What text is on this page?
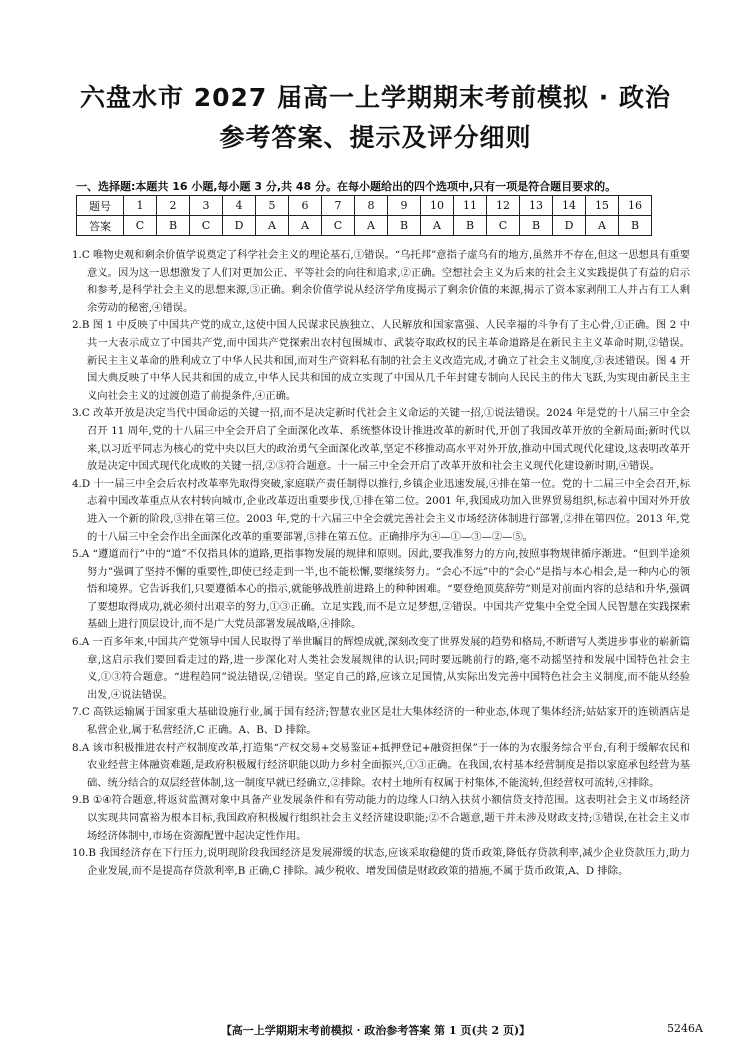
六盘水市 2027 届高一上学期期末考前模拟 · 政治
参考答案、提示及评分细则
一、选择题:本题共 16 小题,每小题 3 分,共 48 分。在每小题给出的四个选项中,只有一项是符合题目要求的。
题号	1	2	3	4	5	6	7	8	9	10	11	12	13	14	15	16
答案	C	B	C	D	A	A	C	A	B	A	B	C	B	D	A	B

1.C 唯物史观和剩余价值学说奠定了科学社会主义的理论基石,①错误。“乌托邦”意指子虚乌有的地方,虽然并不存在,但这一思想具有重要意义。因为这一思想激发了人们对更加公正、平等社会的向往和追求,②正确。空想社会主义为后来的社会主义实践提供了有益的启示和参考,是科学社会主义的思想来源,③正确。剩余价值学说从经济学角度揭示了剩余价值的来源,揭示了资本家剥削工人并占有工人剩余劳动的秘密,④错误。

2.B 图 1 中反映了中国共产党的成立,这使中国人民谋求民族独立、人民解放和国家富强、人民幸福的斗争有了主心骨,①正确。图 2 中共一大表示成立了中国共产党,而中国共产党探索出农村包围城市、武装夺取政权的民主革命道路是在新民主主义革命时期,②错误。新民主主义革命的胜利成立了中华人民共和国,而对生产资料私有制的社会主义改造完成,才确立了社会主义制度,③表述错误。图 4 开国大典反映了中华人民共和国的成立,中华人民共和国的成立实现了中国从几千年封建专制向人民民主的伟大飞跃,为实现由新民主主义向社会主义的过渡创造了前提条件,④正确。

3.C 改革开放是决定当代中国命运的关键一招,而不是决定新时代社会主义命运的关键一招,①说法错误。2024 年是党的十八届三中全会召开 11 周年,党的十八届三中全会开启了全面深化改革、系统整体设计推进改革的新时代,开创了我国改革开放的全新局面;新时代以来,以习近平同志为核心的党中央以巨大的政治勇气全面深化改革,坚定不移推动高水平对外开放,推动中国式现代化建设,这表明改革开放是决定中国式现代化成败的关键一招,②③符合题意。十一届三中全会开启了改革开放和社会主义现代化建设新时期,④错误。

4.D 十一届三中全会后农村改革率先取得突破,家庭联产责任制得以推行,乡镇企业迅速发展,④排在第一位。党的十二届三中全会召开,标志着中国改革重点从农村转向城市,企业改革迈出重要步伐,①排在第二位。2001 年,我国成功加入世界贸易组织,标志着中国对外开放进入一个新的阶段,③排在第三位。2003 年,党的十六届三中全会就完善社会主义市场经济体制进行部署,②排在第四位。2013 年,党的十八届三中全会作出全面深化改革的重要部署,⑤排在第五位。正确排序为④—①—③—②—⑤。

5.A “遵道而行”中的“道”不仅指具体的道路,更指事物发展的规律和原则。因此,要我准努力的方向,按照事物规律循序渐进。“但到半途须努力”强调了坚持不懈的重要性,即使已经走到一半,也不能松懈,要继续努力。“会心不远”中的“会心”是指与本心相会,是一种内心的领悟和境界。它告诉我们,只要遵循本心的指示,就能够战胜前进路上的种种困难。“要登绝顶莫辞劳”则是对前面内容的总结和升华,强调了要想取得成功,就必须付出艰辛的努力,①③正确。立足实践,而不是立足梦想,②错误。中国共产党集中全党全国人民智慧在实践探索基础上进行顶层设计,而不是广大党员部署发展战略,④排除。

6.A 一百多年来,中国共产党领导中国人民取得了举世瞩目的辉煌成就,深刻改变了世界发展的趋势和格局,不断谱写人类进步事业的崭新篇章,这启示我们要回看走过的路,进一步深化对人类社会发展规律的认识;同时要远眺前行的路,毫不动摇坚持和发展中国特色社会主义,①③符合题意。“进程趋同”说法错误,②错误。坚定自己的路,应该立足国情,从实际出发完善中国特色社会主义制度,而不能从经验出发,④说法错误。

7.C 高铁运输属于国家重大基础设施行业,属于国有经济;智慧农业区是壮大集体经济的一种业态,体现了集体经济;姑姑家开的连锁酒店是私营企业,属于私营经济,C 正确。A、B、D 排除。

8.A 该市积极推进农村产权制度改革,打造集“产权交易+交易鉴证+抵押登记+融资担保”于一体的为农服务综合平台,有利于缓解农民和农业经营主体融资难题,是政府积极履行经济职能以助力乡村全面振兴,①③正确。在我国,农村基本经营制度是指以家庭承包经营为基础、统分结合的双层经营体制,这一制度早就已经确立,②排除。农村土地所有权属于村集体,不能流转,但经营权可流转,④排除。

9.B ①④符合题意,将返贫监测对象中具备产业发展条件和有劳动能力的边缘人口纳入扶贫小额信贷支持范围。这表明社会主义市场经济以实现共同富裕为根本目标,我国政府积极履行组织社会主义经济建设职能;②不合题意,题干并未涉及财政支持;③错误,在社会主义市场经济体制中,市场在资源配置中起决定性作用。

10.B 我国经济存在下行压力,说明现阶段我国经济是发展滞缓的状态,应该采取稳健的货币政策,降低存贷款利率,减少企业贷款压力,助力企业发展,而不是提高存贷款利率,B 正确,C 排除。减少税收、增发国债是财政政策的措施,不属于货币政策,A、D 排除。

【高一上学期期末考前模拟 · 政治参考答案 第 1 页(共 2 页)】	5246A
